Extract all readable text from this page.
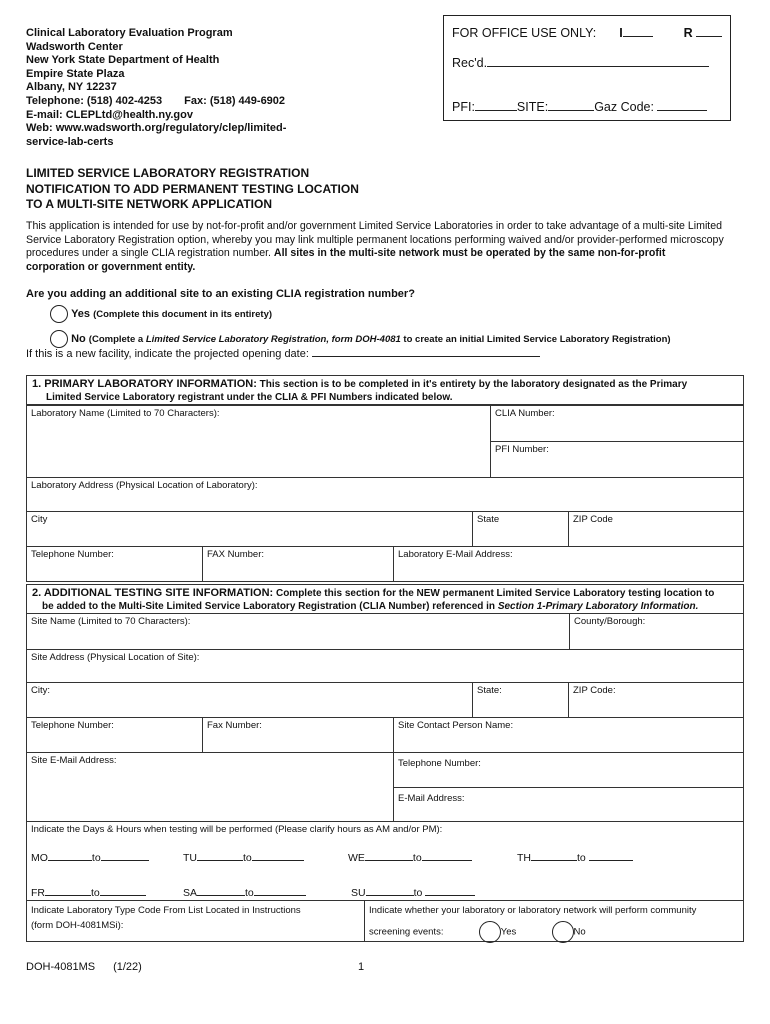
Clinical Laboratory Evaluation Program
Wadsworth Center
New York State Department of Health
Empire State Plaza
Albany, NY 12237
Telephone: (518) 402-4253 Fax: (518) 449-6902
E-mail: CLEPLtd@health.ny.gov
Web: www.wadsworth.org/regulatory/clep/limited-
service-lab-certs
FOR OFFICE USE ONLY: I	R
Rec'd.
PFI:	SITE:	Gaz Code:
LIMITED SERVICE LABORATORY REGISTRATION
NOTIFICATION TO ADD PERMANENT TESTING LOCATION
TO A MULTI-SITE NETWORK APPLICATION
This application is intended for use by not-for-profit and/or government Limited Service Laboratories in order to take advantage of a multi-site Limited Service Laboratory Registration option, whereby you may link multiple permanent locations performing waived and/or provider-performed microscopy procedures under a single CLIA registration number. All sites in the multi-site network must be operated by the same non-for-profit corporation or government entity.
Are you adding an additional site to an existing CLIA registration number?
Yes (Complete this document in its entirety)
No (Complete a Limited Service Laboratory Registration, form DOH-4081 to create an initial Limited Service Laboratory Registration)
If this is a new facility, indicate the projected opening date:
1. PRIMARY LABORATORY INFORMATION: This section is to be completed in it's entirety by the laboratory designated as the Primary
Limited Service Laboratory registrant under the CLIA & PFI Numbers indicated below.
Laboratory Name (Limited to 70 Characters):	CLIA Number:
PFI Number:
Laboratory Address (Physical Location of Laboratory):
City	State	ZIP Code
Telephone Number:	FAX Number:	Laboratory E-Mail Address:
2. ADDITIONAL TESTING SITE INFORMATION: Complete this section for the NEW permanent Limited Service Laboratory testing location to
be added to the Multi-Site Limited Service Laboratory Registration (CLIA Number) referenced in Section 1-Primary Laboratory Information.
Site Name (Limited to 70 Characters):	County/Borough:
Site Address (Physical Location of Site):
City:	State:	ZIP Code:
Telephone Number:	Fax Number:	Site Contact Person Name:
Site E-Mail Address:	Telephone Number:
E-Mail Address:
Indicate the Days & Hours when testing will be performed (Please clarify hours as AM and/or PM):
MO	to	TU	to	WE	to	TH	to
FR	to	SA	to	SU	to
Indicate Laboratory Type Code From List Located in Instructions
(form DOH-4081MSi):
Indicate whether your laboratory or laboratory network will perform community
screening events:	Yes	No
DOH-4081MS (1/22)	1
